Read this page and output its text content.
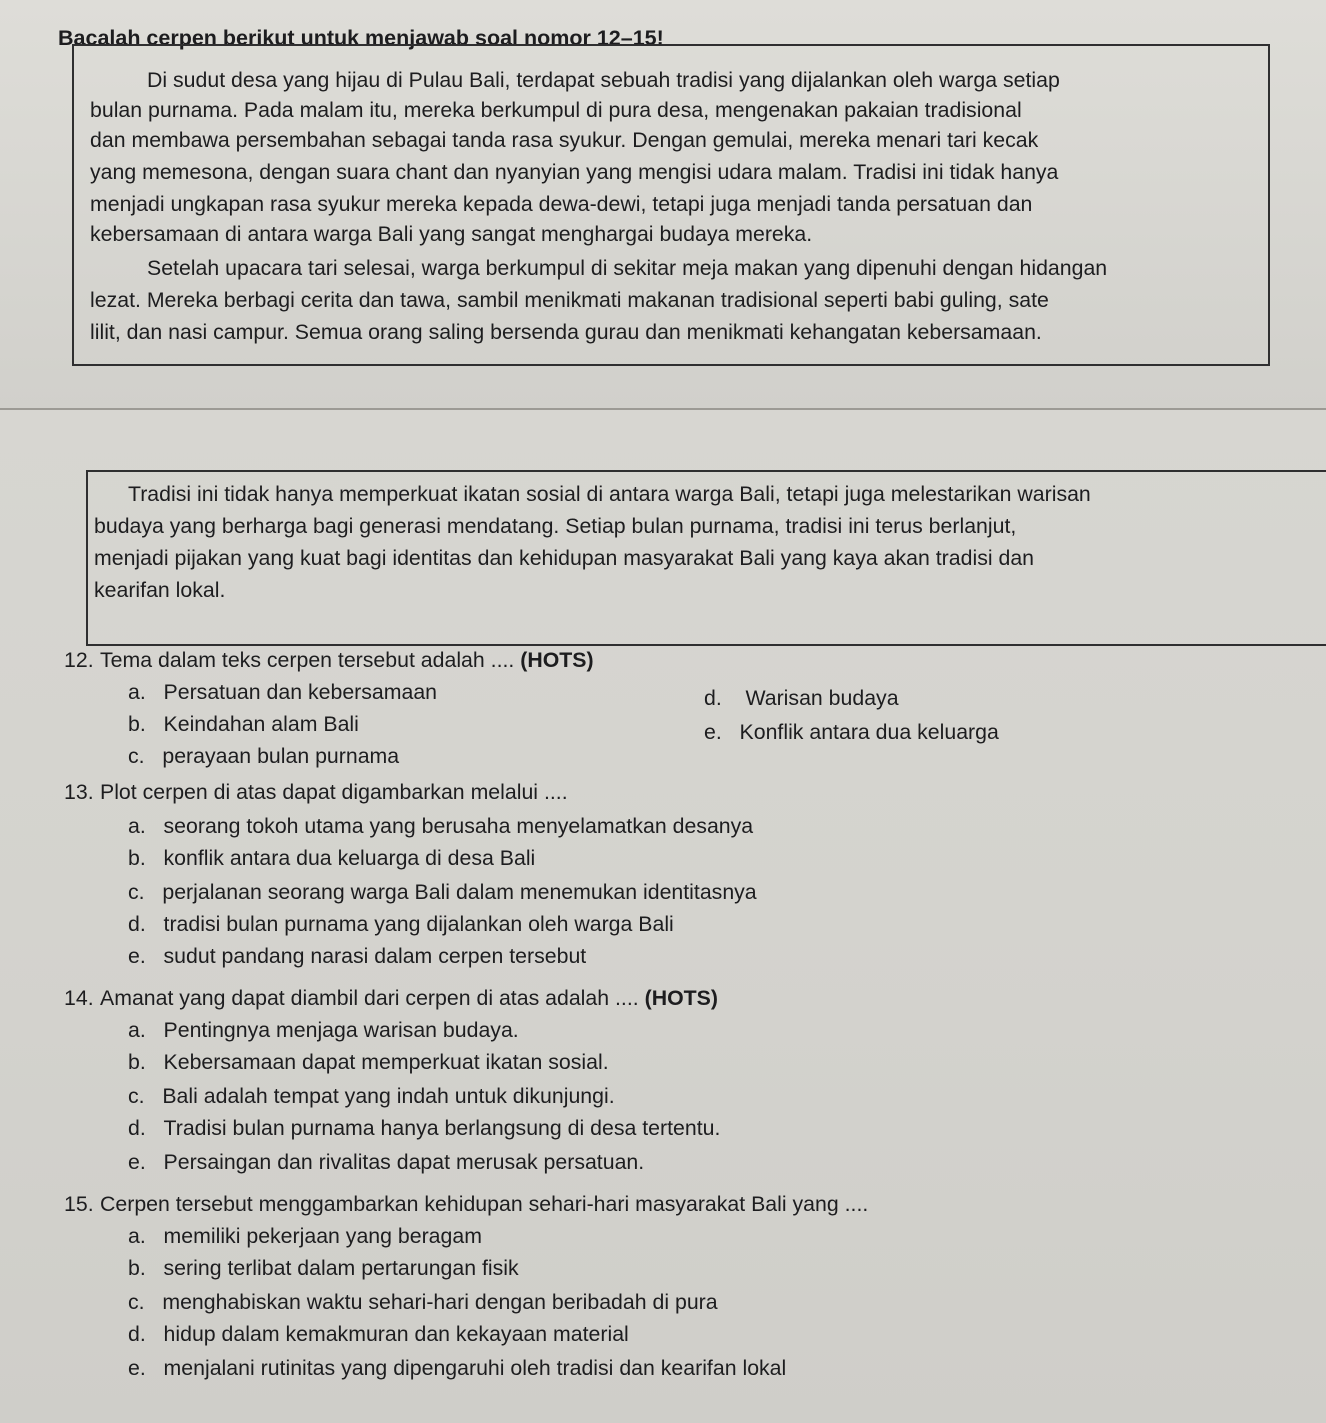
Bacalah cerpen berikut untuk menjawab soal nomor 12–15!
Di sudut desa yang hijau di Pulau Bali, terdapat sebuah tradisi yang dijalankan oleh warga setiap
bulan purnama. Pada malam itu, mereka berkumpul di pura desa, mengenakan pakaian tradisional
dan membawa persembahan sebagai tanda rasa syukur. Dengan gemulai, mereka menari tari kecak
yang memesona, dengan suara chant dan nyanyian yang mengisi udara malam. Tradisi ini tidak hanya
menjadi ungkapan rasa syukur mereka kepada dewa-dewi, tetapi juga menjadi tanda persatuan dan
kebersamaan di antara warga Bali yang sangat menghargai budaya mereka.
Setelah upacara tari selesai, warga berkumpul di sekitar meja makan yang dipenuhi dengan hidangan
lezat. Mereka berbagi cerita dan tawa, sambil menikmati makanan tradisional seperti babi guling, sate
lilit, dan nasi campur. Semua orang saling bersenda gurau dan menikmati kehangatan kebersamaan.
Tradisi ini tidak hanya memperkuat ikatan sosial di antara warga Bali, tetapi juga melestarikan warisan
budaya yang berharga bagi generasi mendatang. Setiap bulan purnama, tradisi ini terus berlanjut,
menjadi pijakan yang kuat bagi identitas dan kehidupan masyarakat Bali yang kaya akan tradisi dan
kearifan lokal.
12. Tema dalam teks cerpen tersebut adalah .... (HOTS)
a. Persatuan dan kebersamaan
b. Keindahan alam Bali
c. perayaan bulan purnama
d. Warisan budaya
e. Konflik antara dua keluarga
13. Plot cerpen di atas dapat digambarkan melalui ....
a. seorang tokoh utama yang berusaha menyelamatkan desanya
b. konflik antara dua keluarga di desa Bali
c. perjalanan seorang warga Bali dalam menemukan identitasnya
d. tradisi bulan purnama yang dijalankan oleh warga Bali
e. sudut pandang narasi dalam cerpen tersebut
14. Amanat yang dapat diambil dari cerpen di atas adalah .... (HOTS)
a. Pentingnya menjaga warisan budaya.
b. Kebersamaan dapat memperkuat ikatan sosial.
c. Bali adalah tempat yang indah untuk dikunjungi.
d. Tradisi bulan purnama hanya berlangsung di desa tertentu.
e. Persaingan dan rivalitas dapat merusak persatuan.
15. Cerpen tersebut menggambarkan kehidupan sehari-hari masyarakat Bali yang ....
a. memiliki pekerjaan yang beragam
b. sering terlibat dalam pertarungan fisik
c. menghabiskan waktu sehari-hari dengan beribadah di pura
d. hidup dalam kemakmuran dan kekayaan material
e. menjalani rutinitas yang dipengaruhi oleh tradisi dan kearifan lokal
